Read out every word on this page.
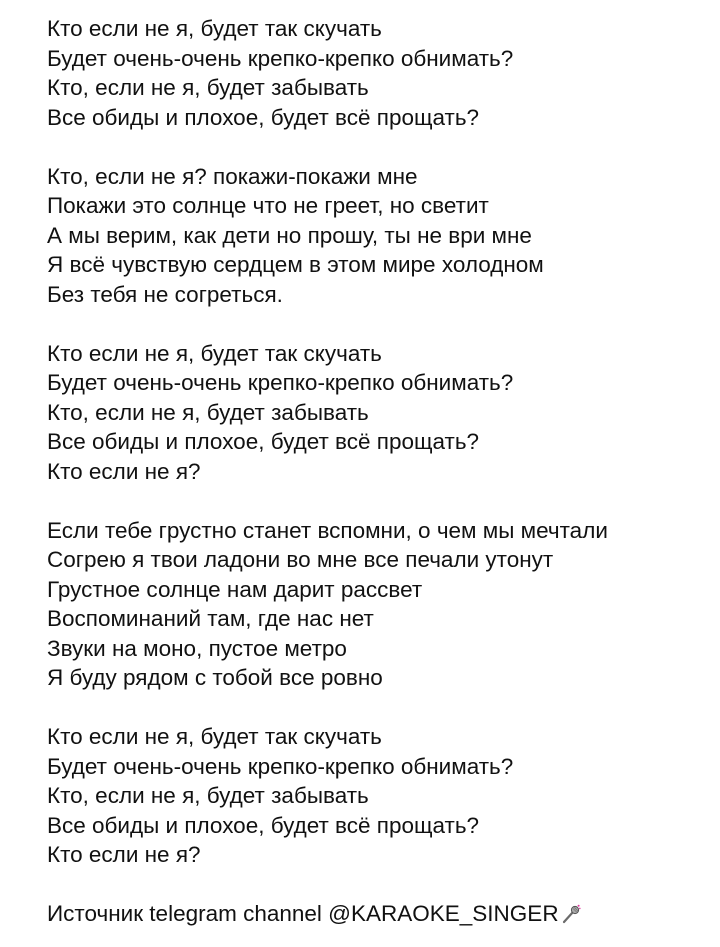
Кто если не я, будет так скучать
Будет очень-очень крепко-крепко обнимать?
Кто, если не я, будет забывать
Все обиды и плохое, будет всё прощать?
Кто, если не я? покажи-покажи мне
Покажи это солнце что не греет, но светит
А мы верим, как дети но прошу, ты не ври мне
Я всё чувствую сердцем в этом мире холодном
Без тебя не согреться.
Кто если не я, будет так скучать
Будет очень-очень крепко-крепко обнимать?
Кто, если не я, будет забывать
Все обиды и плохое, будет всё прощать?
Кто если не я?
Если тебе грустно станет вспомни, о чем мы мечтали
Согрею я твои ладони во мне все печали утонут
Грустное солнце нам дарит рассвет
Воспоминаний там, где нас нет
Звуки на моно, пустое метро
Я буду рядом с тобой все ровно
Кто если не я, будет так скучать
Будет очень-очень крепко-крепко обнимать?
Кто, если не я, будет забывать
Все обиды и плохое, будет всё прощать?
Кто если не я?
Источник telegram channel @KARAOKE_SINGER
